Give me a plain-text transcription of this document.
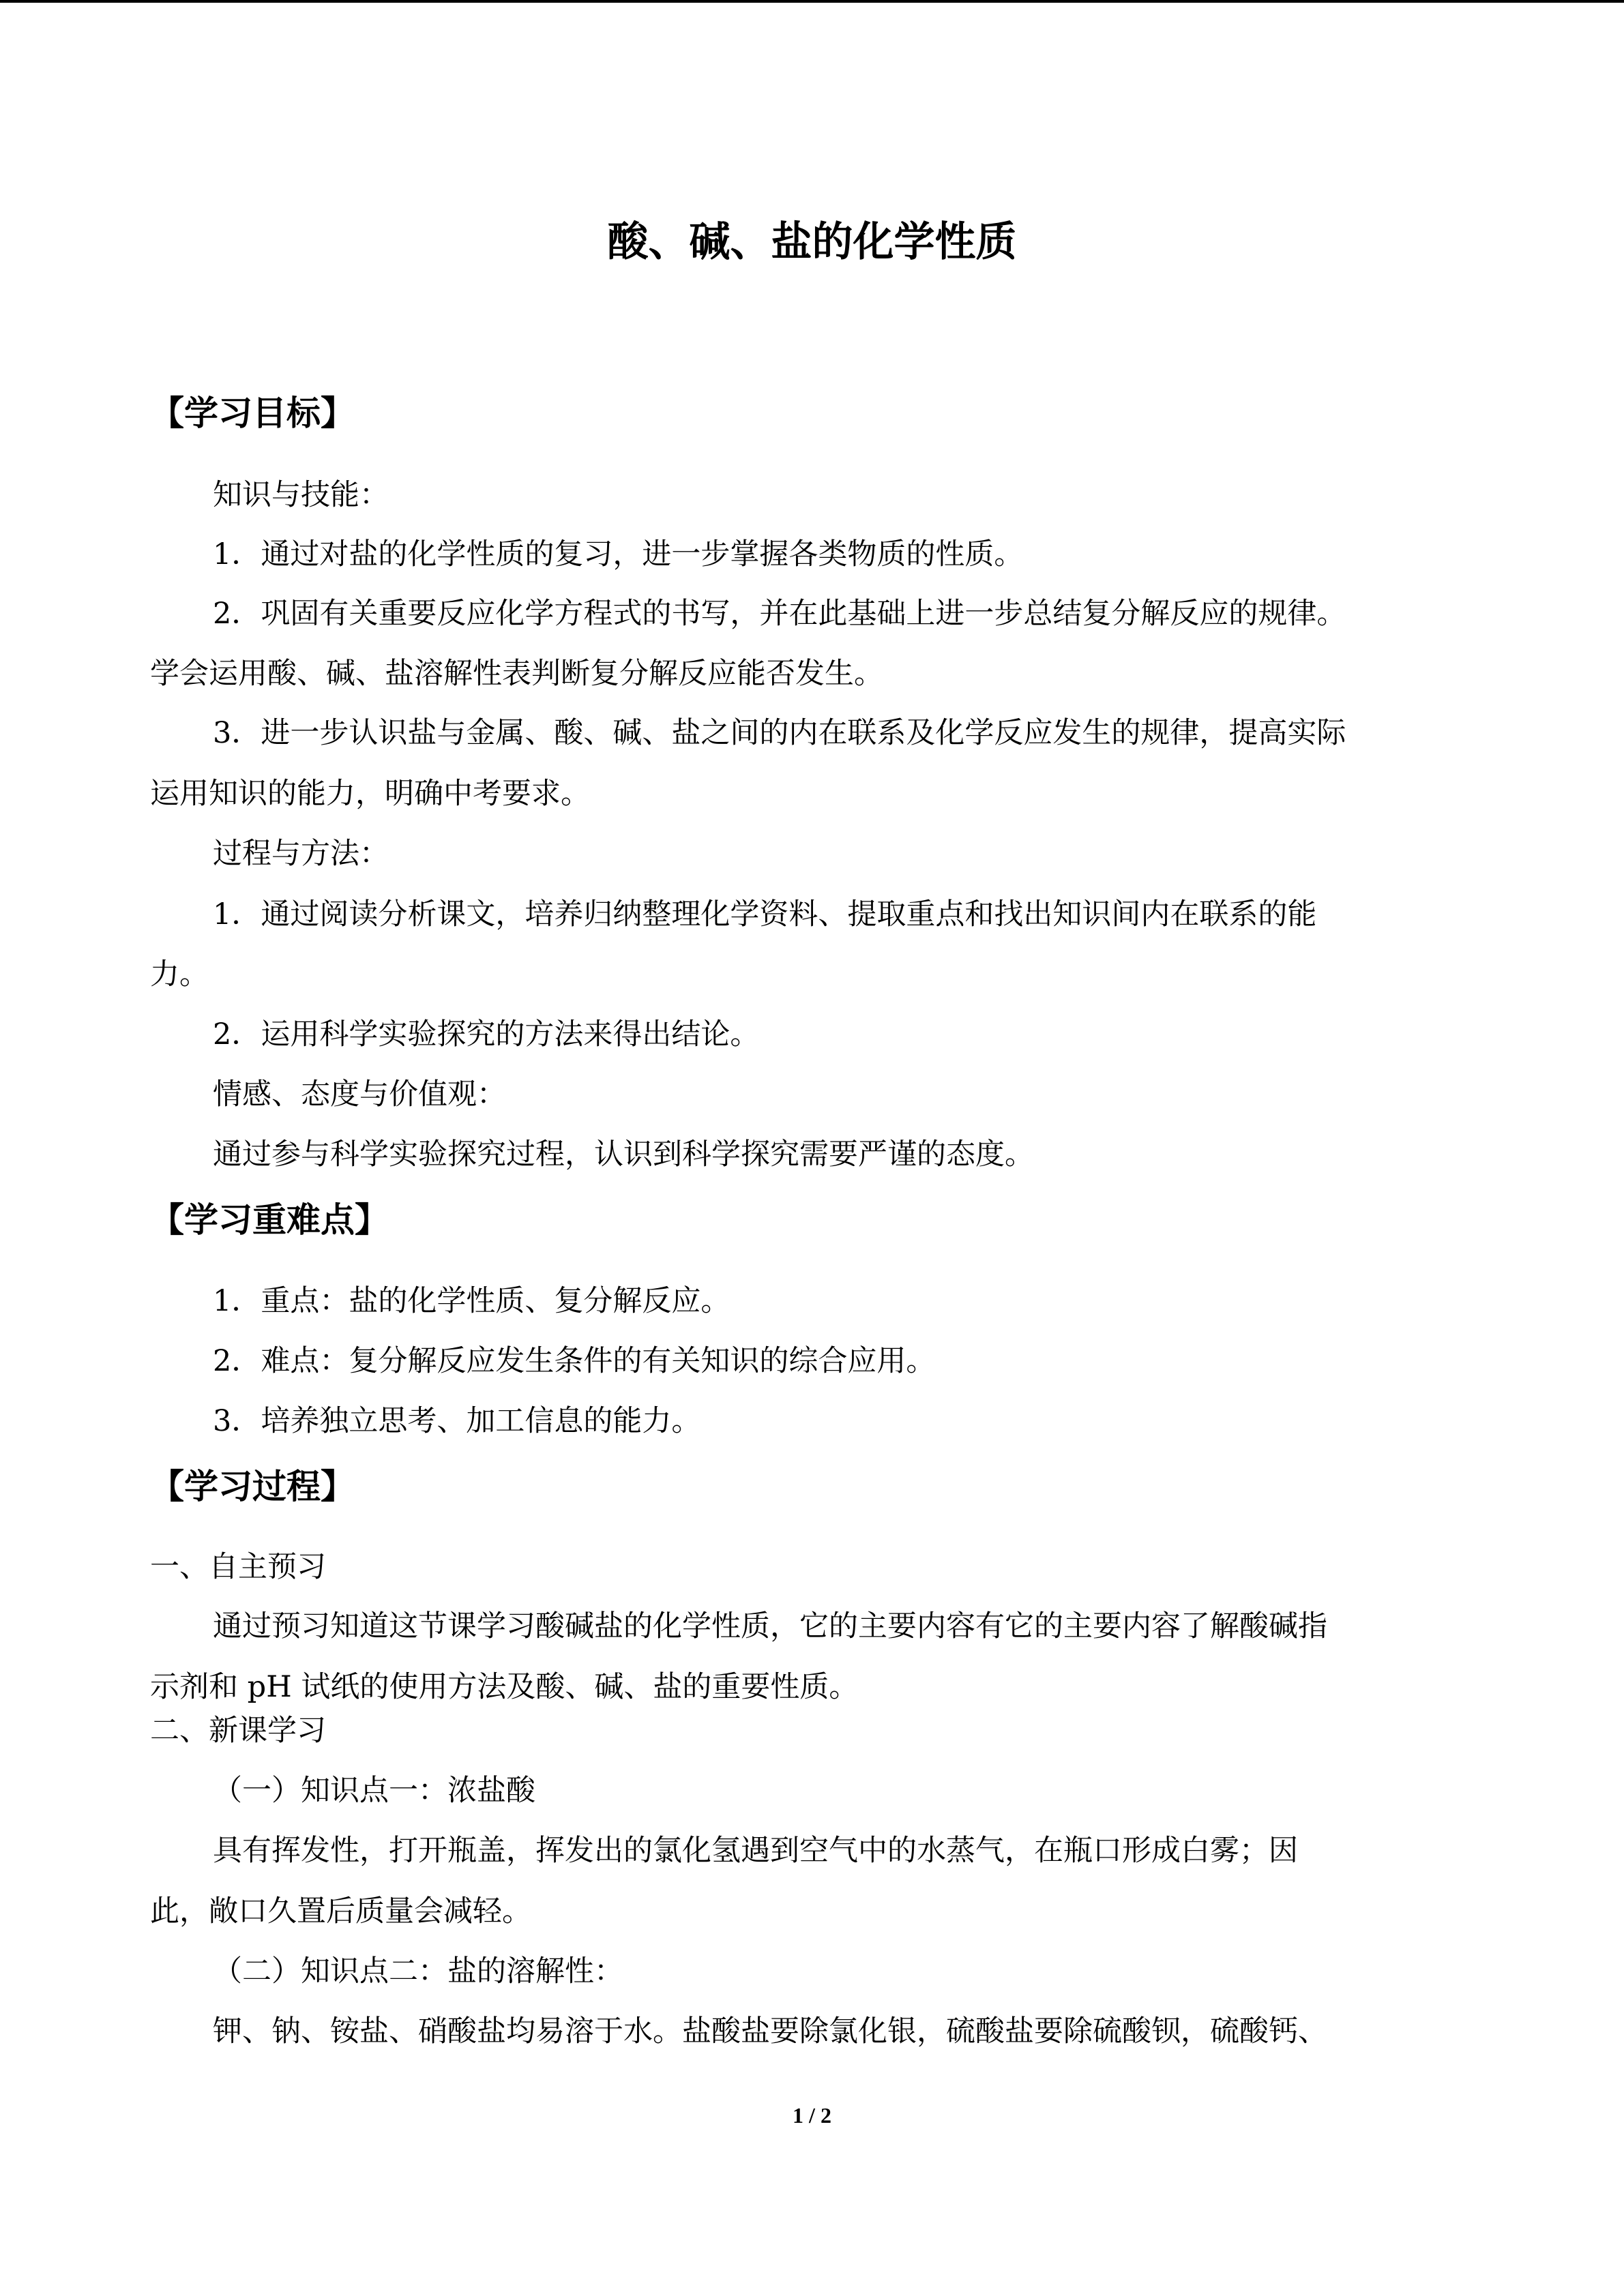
酸、碱、盐的化学性质
【学习目标】
知识与技能：
1．通过对盐的化学性质的复习，进一步掌握各类物质的性质。
2．巩固有关重要反应化学方程式的书写，并在此基础上进一步总结复分解反应的规律。
学会运用酸、碱、盐溶解性表判断复分解反应能否发生。
3．进一步认识盐与金属、酸、碱、盐之间的内在联系及化学反应发生的规律，提高实际
运用知识的能力，明确中考要求。
过程与方法：
1．通过阅读分析课文，培养归纳整理化学资料、提取重点和找出知识间内在联系的能
力。
2．运用科学实验探究的方法来得出结论。
情感、态度与价值观：
通过参与科学实验探究过程，认识到科学探究需要严谨的态度。
【学习重难点】
1．重点：盐的化学性质、复分解反应。
2．难点：复分解反应发生条件的有关知识的综合应用。
3．培养独立思考、加工信息的能力。
【学习过程】
一、自主预习
通过预习知道这节课学习酸碱盐的化学性质，它的主要内容有它的主要内容了解酸碱指
示剂和 pH 试纸的使用方法及酸、碱、盐的重要性质。
二、新课学习
（一）知识点一：浓盐酸
具有挥发性，打开瓶盖，挥发出的氯化氢遇到空气中的水蒸气，在瓶口形成白雾；因
此，敞口久置后质量会减轻。
（二）知识点二：盐的溶解性：
钾、钠、铵盐、硝酸盐均易溶于水。盐酸盐要除氯化银，硫酸盐要除硫酸钡，硫酸钙、
1 / 2
